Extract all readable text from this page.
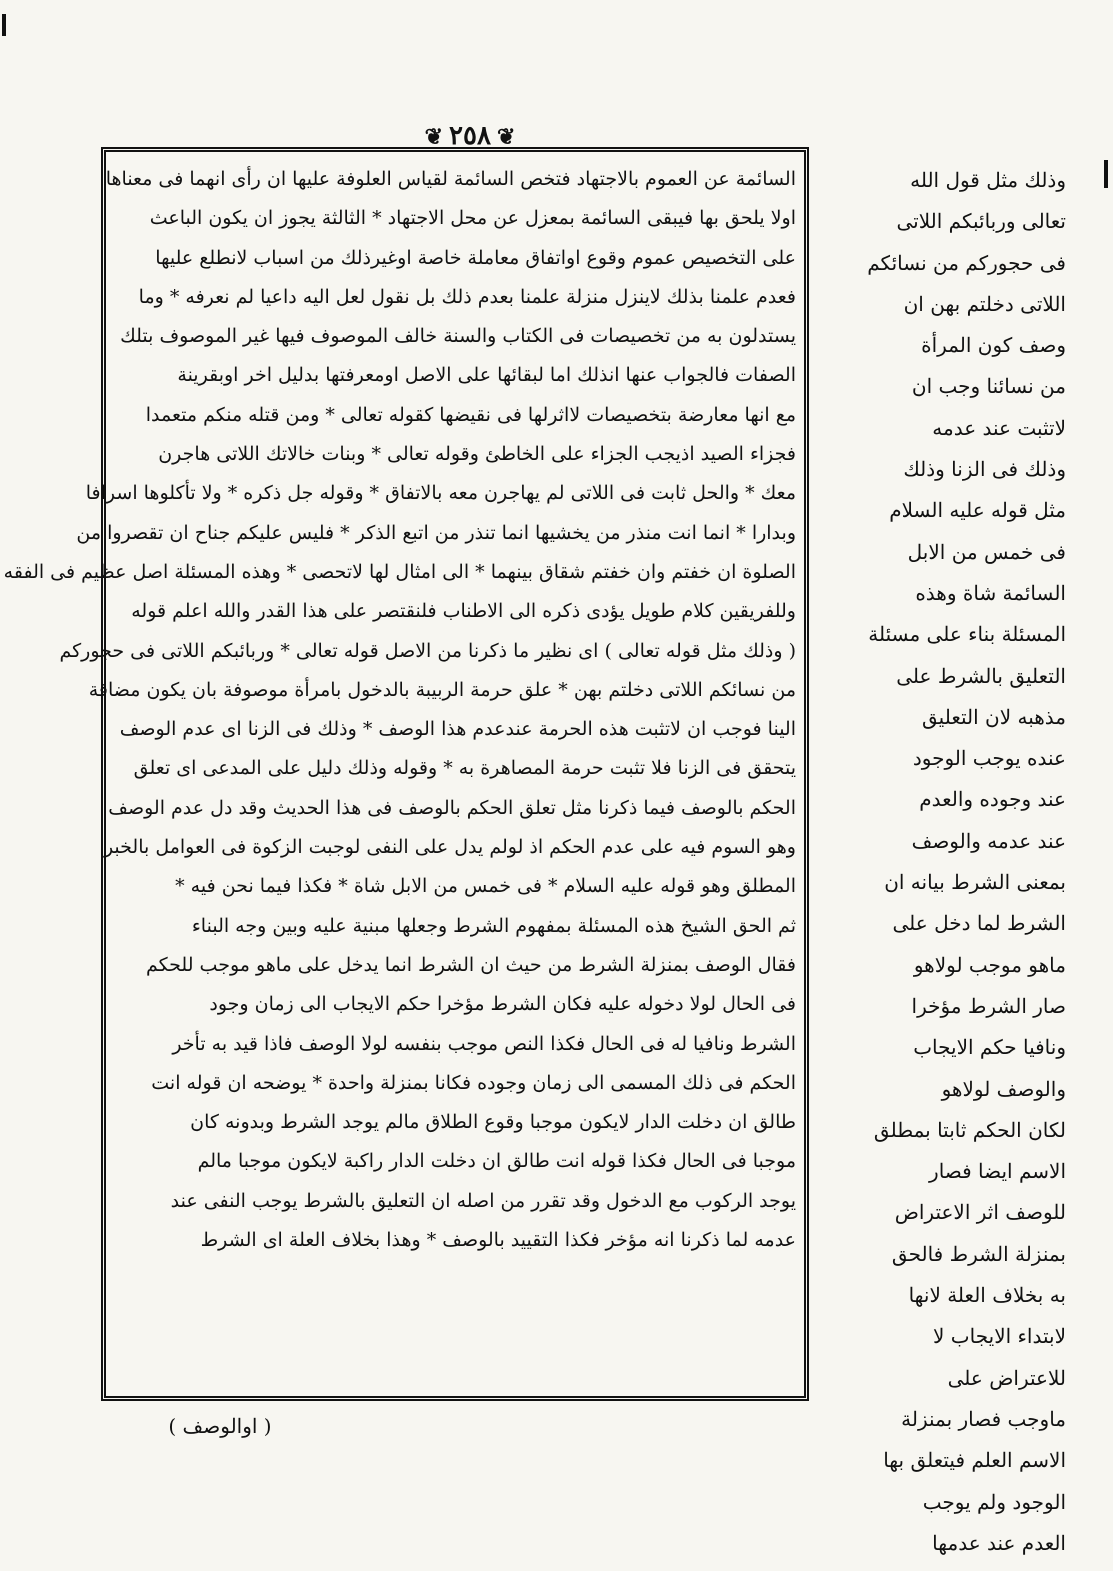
❦ ٢٥٨ ❦
السائمة عن العموم بالاجتهاد فتخص السائمة لقياس العلوفة عليها ان رأى انهما فى معناها
اولا يلحق بها فيبقى السائمة بمعزل عن محل الاجتهاد * الثالثة يجوز ان يكون الباعث
على التخصيص عموم وقوع اواتفاق معاملة خاصة اوغيرذلك من اسباب لانطلع عليها
فعدم علمنا بذلك لاينزل منزلة علمنا بعدم ذلك بل نقول لعل اليه داعيا لم نعرفه * وما
يستدلون به من تخصيصات فى الكتاب والسنة خالف الموصوف فيها غير الموصوف بتلك
الصفات فالجواب عنها انذلك اما لبقائها على الاصل اومعرفتها بدليل اخر اوبقرينة
مع انها معارضة بتخصيصات لااثرلها فى نقيضها كقوله تعالى * ومن قتله منكم متعمدا
فجزاء الصيد اذيجب الجزاء على الخاطئ وقوله تعالى * وبنات خالاتك اللاتى هاجرن
معك * والحل ثابت فى اللاتى لم يهاجرن معه بالاتفاق * وقوله جل ذكره * ولا تأكلوها اسرافا
وبدارا * انما انت منذر من يخشيها انما تنذر من اتبع الذكر * فليس عليكم جناح ان تقصروا من
الصلوة ان خفتم وان خفتم شقاق بينهما * الى امثال لها لاتحصى * وهذه المسئلة اصل عظيم فى الفقه
وللفريقين كلام طويل يؤدى ذكره الى الاطناب فلنقتصر على هذا القدر والله اعلم قوله
( وذلك مثل قوله تعالى ) اى نظير ما ذكرنا من الاصل قوله تعالى * وربائبكم اللاتى فى حجوركم
من نسائكم اللاتى دخلتم بهن * علق حرمة الربيبة بالدخول بامرأة موصوفة بان يكون مضافة
الينا فوجب ان لاتثبت هذه الحرمة عندعدم هذا الوصف * وذلك فى الزنا اى عدم الوصف
يتحقق فى الزنا فلا تثبت حرمة المصاهرة به * وقوله وذلك دليل على المدعى اى تعلق
الحكم بالوصف فيما ذكرنا مثل تعلق الحكم بالوصف فى هذا الحديث وقد دل عدم الوصف
وهو السوم فيه على عدم الحكم اذ لولم يدل على النفى لوجبت الزكوة فى العوامل بالخبر
المطلق وهو قوله عليه السلام * فى خمس من الابل شاة * فكذا فيما نحن فيه *
ثم الحق الشيخ هذه المسئلة بمفهوم الشرط وجعلها مبنية عليه وبين وجه البناء
فقال الوصف بمنزلة الشرط من حيث ان الشرط انما يدخل على ماهو موجب للحكم
فى الحال لولا دخوله عليه فكان الشرط مؤخرا حكم الايجاب الى زمان وجود
الشرط ونافيا له فى الحال فكذا النص موجب بنفسه لولا الوصف فاذا قيد به تأخر
الحكم فى ذلك المسمى الى زمان وجوده فكانا بمنزلة واحدة * يوضحه ان قوله انت
طالق ان دخلت الدار لايكون موجبا وقوع الطلاق مالم يوجد الشرط وبدونه كان
موجبا فى الحال فكذا قوله انت طالق ان دخلت الدار راكبة لايكون موجبا مالم
يوجد الركوب مع الدخول وقد تقرر من اصله ان التعليق بالشرط يوجب النفى عند
عدمه لما ذكرنا انه مؤخر فكذا التقييد بالوصف * وهذا بخلاف العلة اى الشرط
وذلك مثل قول الله
تعالى وربائبكم اللاتى
فى حجوركم من نسائكم
اللاتى دخلتم بهن ان
وصف كون المرأة
من نسائنا وجب ان
لاتثبت عند عدمه
وذلك فى الزنا وذلك
مثل قوله عليه السلام
فى خمس من الابل
السائمة شاة وهذه
المسئلة بناء على مسئلة
التعليق بالشرط على
مذهبه لان التعليق
عنده يوجب الوجود
عند وجوده والعدم
عند عدمه والوصف
بمعنى الشرط بيانه ان
الشرط لما دخل على
ماهو موجب لولاهو
صار الشرط مؤخرا
ونافيا حكم الايجاب
والوصف لولاهو
لكان الحكم ثابتا بمطلق
الاسم ايضا فصار
للوصف اثر الاعتراض
بمنزلة الشرط فالحق
به بخلاف العلة لانها
لابتداء الايجاب لا
للاعتراض على
ماوجب فصار بمنزلة
الاسم العلم فيتعلق بها
الوجود ولم يوجب
العدم عند عدمها
( اوالوصف )
